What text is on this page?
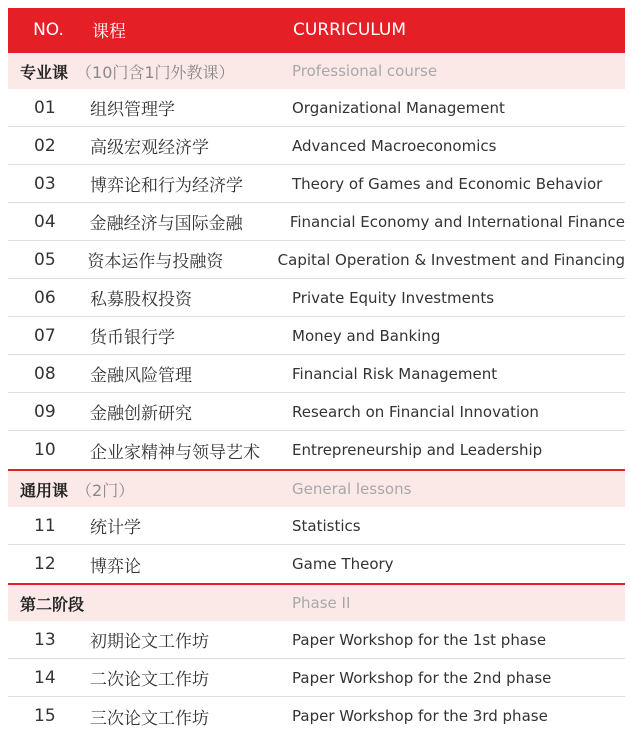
NO.	课程	CURRICULUM
专业课 （10门含1门外教课）	Professional course
01	组织管理学	Organizational Management
02	高级宏观经济学	Advanced Macroeconomics
03	博弈论和行为经济学	Theory of Games and Economic Behavior
04	金融经济与国际金融	Financial Economy and International Finance
05	资本运作与投融资	Capital Operation & Investment and Financing
06	私募股权投资	Private Equity Investments
07	货币银行学	Money and Banking
08	金融风险管理	Financial Risk Management
09	金融创新研究	Research on Financial Innovation
10	企业家精神与领导艺术	Entrepreneurship and Leadership
通用课 （2门）	General lessons
11	统计学	Statistics
12	博弈论	Game Theory
第二阶段	Phase II
13	初期论文工作坊	Paper Workshop for the 1st phase
14	二次论文工作坊	Paper Workshop for the 2nd phase
15	三次论文工作坊	Paper Workshop for the 3rd phase
